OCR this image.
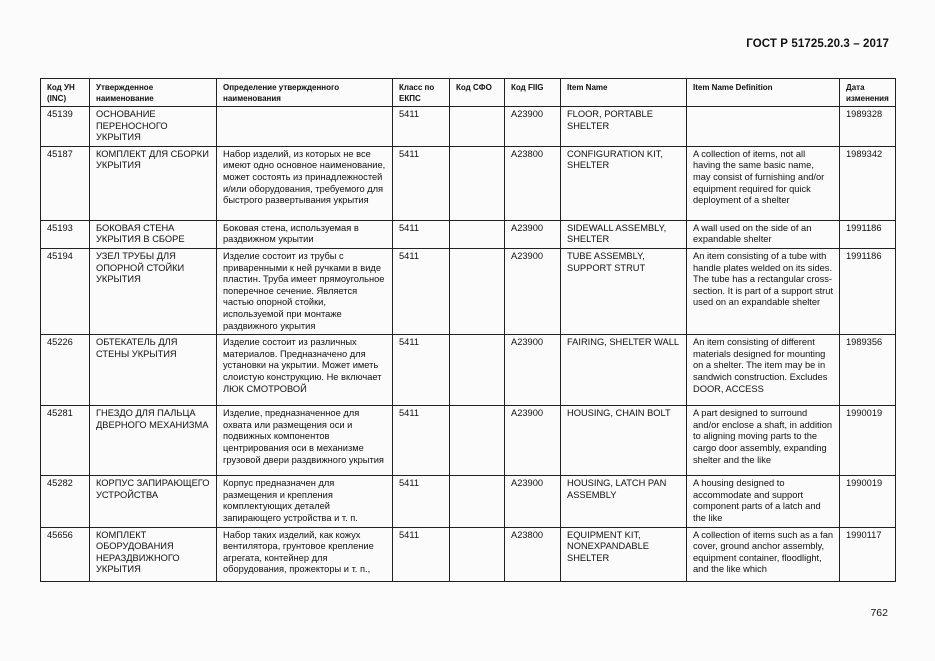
ГОСТ Р 51725.20.3 – 2017
Код УН (INC)	Утвержденное наименование	Определение утвержденного наименования	Класс по ЕКПС	Код СФО	Код FIIG	Item Name	Item Name Definition	Дата изменения
45139	ОСНОВАНИЕ ПЕРЕНОСНОГО УКРЫТИЯ		5411		A23900	FLOOR, PORTABLE SHELTER		1989328
45187	КОМПЛЕКТ ДЛЯ СБОРКИ УКРЫТИЯ	Набор изделий, из которых не все имеют одно основное наименование, может состоять из принадлежностей и/или оборудования, требуемого для быстрого развертывания укрытия	5411		A23800	CONFIGURATION KIT, SHELTER	A collection of items, not all having the same basic name, may consist of furnishing and/or equipment required for quick deployment of a shelter	1989342
45193	БОКОВАЯ СТЕНА УКРЫТИЯ В СБОРЕ	Боковая стена, используемая в раздвижном укрытии	5411		A23900	SIDEWALL ASSEMBLY, SHELTER	A wall used on the side of an expandable shelter	1991186
45194	УЗЕЛ ТРУБЫ ДЛЯ ОПОРНОЙ СТОЙКИ УКРЫТИЯ	Изделие состоит из трубы с приваренными к ней ручками в виде пластин. Труба имеет прямоугольное поперечное сечение. Является частью опорной стойки, используемой при монтаже раздвижного укрытия	5411		A23900	TUBE ASSEMBLY, SUPPORT STRUT	An item consisting of a tube with handle plates welded on its sides. The tube has a rectangular cross-section. It is part of a support strut used on an expandable shelter	1991186
45226	ОБТЕКАТЕЛЬ ДЛЯ СТЕНЫ УКРЫТИЯ	Изделие состоит из различных материалов. Предназначено для установки на укрытии. Может иметь слоистую конструкцию. Не включает ЛЮК СМОТРОВОЙ	5411		A23900	FAIRING, SHELTER WALL	An item consisting of different materials designed for mounting on a shelter. The item may be in sandwich construction. Excludes DOOR, ACCESS	1989356
45281	ГНЕЗДО ДЛЯ ПАЛЬЦА ДВЕРНОГО МЕХАНИЗМА	Изделие, предназначенное для охвата или размещения оси и подвижных компонентов центрирования оси в механизме грузовой двери раздвижного укрытия	5411		A23900	HOUSING, CHAIN BOLT	A part designed to surround and/or enclose a shaft, in addition to aligning moving parts to the cargo door assembly, expanding shelter and the like	1990019
45282	КОРПУС ЗАПИРАЮЩЕГО УСТРОЙСТВА	Корпус предназначен для размещения и крепления комплектующих деталей запирающего устройства и т. п.	5411		A23900	HOUSING, LATCH PAN ASSEMBLY	A housing designed to accommodate and support component parts of a latch and the like	1990019
45656	КОМПЛЕКТ ОБОРУДОВАНИЯ НЕРАЗДВИЖНОГО УКРЫТИЯ	Набор таких изделий, как кожух вентилятора, грунтовое крепление агрегата, контейнер для оборудования, прожекторы и т. п.,	5411		A23800	EQUIPMENT KIT, NONEXPANDABLE SHELTER	A collection of items such as a fan cover, ground anchor assembly, equipment container, floodlight, and the like which	1990117
762
